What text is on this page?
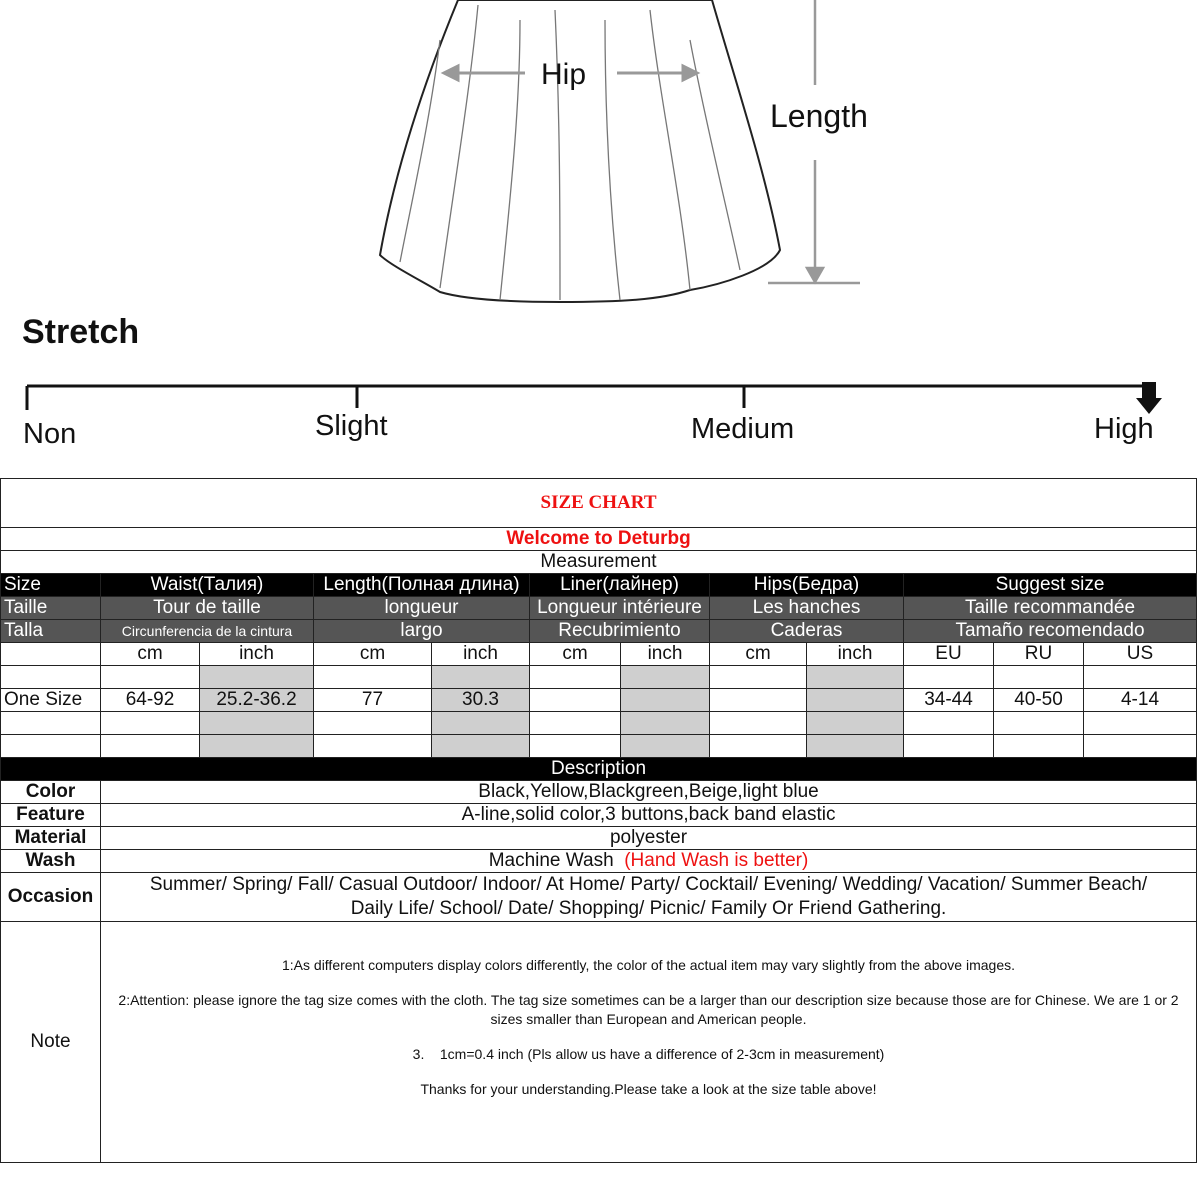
Hip
Length
Stretch
Non	Slight	Medium	High
SIZE CHART											
Welcome to Deturbg											
Measurement											
Size	Waist(Талия)		Length(Полная длина)		Liner(лайнер)		Hips(Бедра)		Suggest size		
Taille	Tour de taille		longueur		Longueur intérieure		Les hanches		Taille recommandée		
Talla	Circunferencia de la cintura		largo		Recubrimiento		Caderas		Tamaño recomendado		
	cm	inch	cm	inch	cm	inch	cm	inch	EU	RU	US

One Size	64-92	25.2-36.2	77	30.3					34-44	40-50	4-14

Description											
Color	Black,Yellow,Blackgreen,Beige,light blue										
Feature	A-line,solid color,3 buttons,back band elastic										
Material	polyester										
Wash	Machine Wash (Hand Wash is better)										
Occasion	Summer/ Spring/ Fall/ Casual Outdoor/ Indoor/ At Home/ Party/ Cocktail/ Evening/ Wedding/ Vacation/ Summer Beach/
Daily Life/ School/ Date/ Shopping/ Picnic/ Family Or Friend Gathering.										

Note	1:As different computers display colors differently, the color of the actual item may vary slightly from the above images.

2:Attention: please ignore the tag size comes with the cloth. The tag size sometimes can be a larger than our description size because those are for Chinese. We are 1 or 2 sizes smaller than European and American people.

3.    1cm=0.4 inch (Pls allow us have a difference of 2-3cm in measurement)

Thanks for your understanding.Please take a look at the size table above!										
